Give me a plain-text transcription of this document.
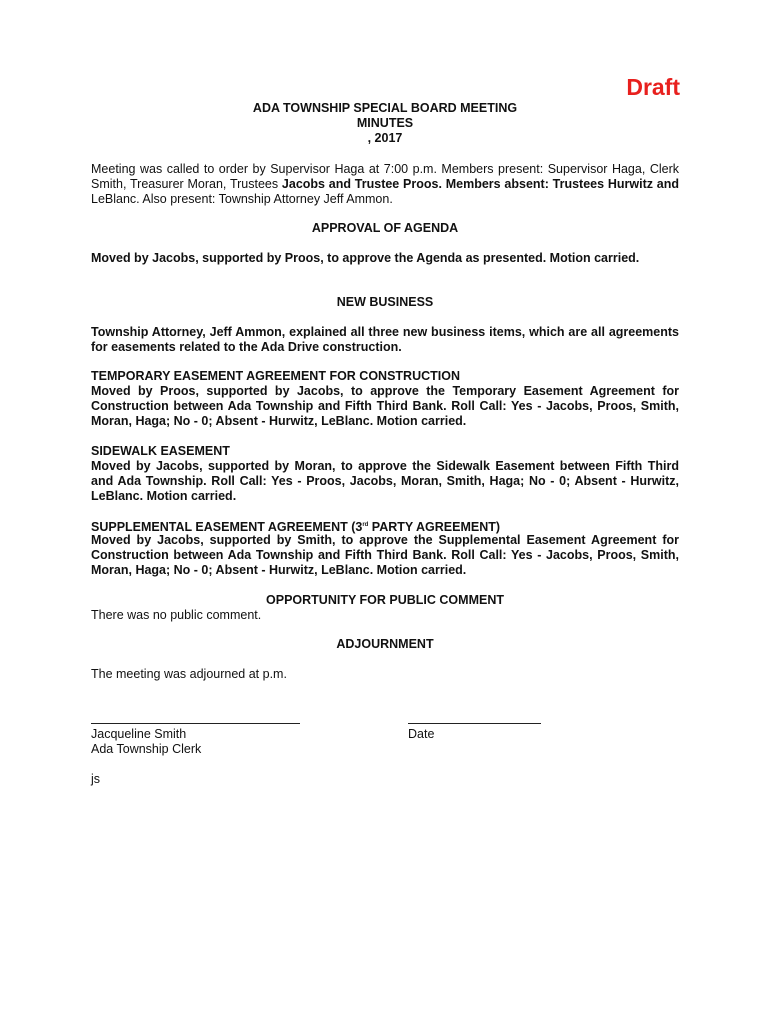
Draft
ADA TOWNSHIP SPECIAL BOARD MEETING
MINUTES
, 2017
Meeting was called to order by Supervisor Haga at 7:00 p.m. Members present: Supervisor Haga, Clerk Smith, Treasurer Moran, Trustees Jacobs and Trustee Proos. Members absent: Trustees Hurwitz and LeBlanc. Also present: Township Attorney Jeff Ammon.
APPROVAL OF AGENDA
Moved by Jacobs, supported by Proos, to approve the Agenda as presented. Motion carried.
NEW BUSINESS
Township Attorney, Jeff Ammon, explained all three new business items, which are all agreements for easements related to the Ada Drive construction.
TEMPORARY EASEMENT AGREEMENT FOR CONSTRUCTION
Moved by Proos, supported by Jacobs, to approve the Temporary Easement Agreement for Construction between Ada Township and Fifth Third Bank. Roll Call: Yes - Jacobs, Proos, Smith, Moran, Haga; No - 0; Absent - Hurwitz, LeBlanc. Motion carried.
SIDEWALK EASEMENT
Moved by Jacobs, supported by Moran, to approve the Sidewalk Easement between Fifth Third and Ada Township. Roll Call: Yes - Proos, Jacobs, Moran, Smith, Haga; No - 0; Absent - Hurwitz, LeBlanc. Motion carried.
SUPPLEMENTAL EASEMENT AGREEMENT (3rd PARTY AGREEMENT)
Moved by Jacobs, supported by Smith, to approve the Supplemental Easement Agreement for Construction between Ada Township and Fifth Third Bank. Roll Call: Yes - Jacobs, Proos, Smith, Moran, Haga; No - 0; Absent - Hurwitz, LeBlanc. Motion carried.
OPPORTUNITY FOR PUBLIC COMMENT
There was no public comment.
ADJOURNMENT
The meeting was adjourned at p.m.
Jacqueline Smith	Date
Ada Township Clerk
js
